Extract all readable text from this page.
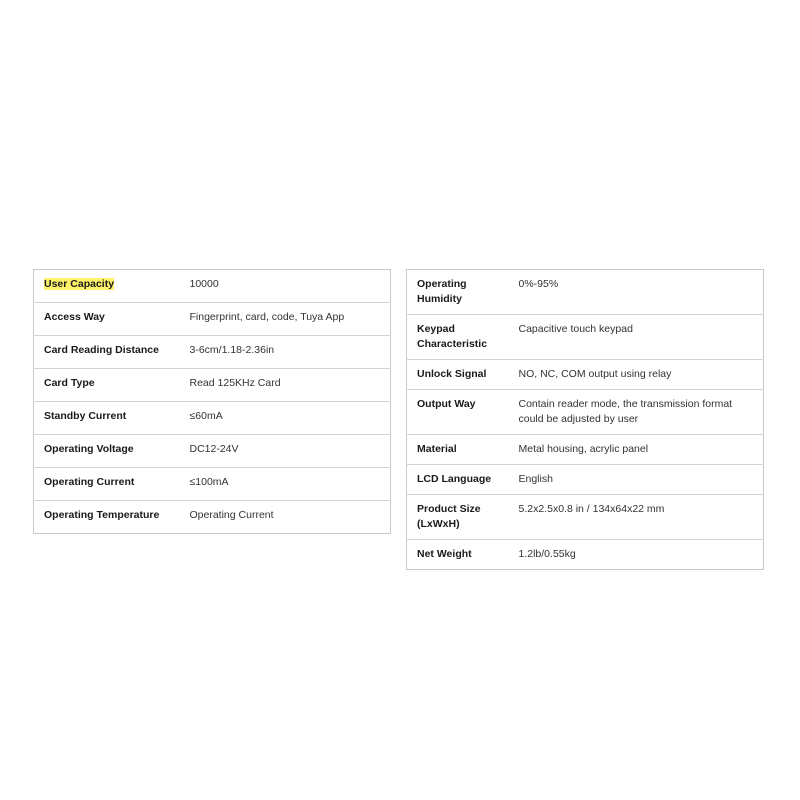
User Capacity	10000
Access Way	Fingerprint, card, code, Tuya App
Card Reading Distance	3-6cm/1.18-2.36in
Card Type	Read 125KHz Card
Standby Current	≤60mA
Operating Voltage	DC12-24V
Operating Current	≤100mA
Operating Temperature	Operating Current
Operating
Humidity	0%-95%

Keypad
Characteristic	Capacitive touch keypad

Unlock Signal	NO, NC, COM output using relay

Output Way	Contain reader mode, the transmission format
could be adjusted by user

Material	Metal housing, acrylic panel

LCD Language	English

Product Size
(LxWxH)	5.2x2.5x0.8 in / 134x64x22 mm

Net Weight	1.2lb/0.55kg
